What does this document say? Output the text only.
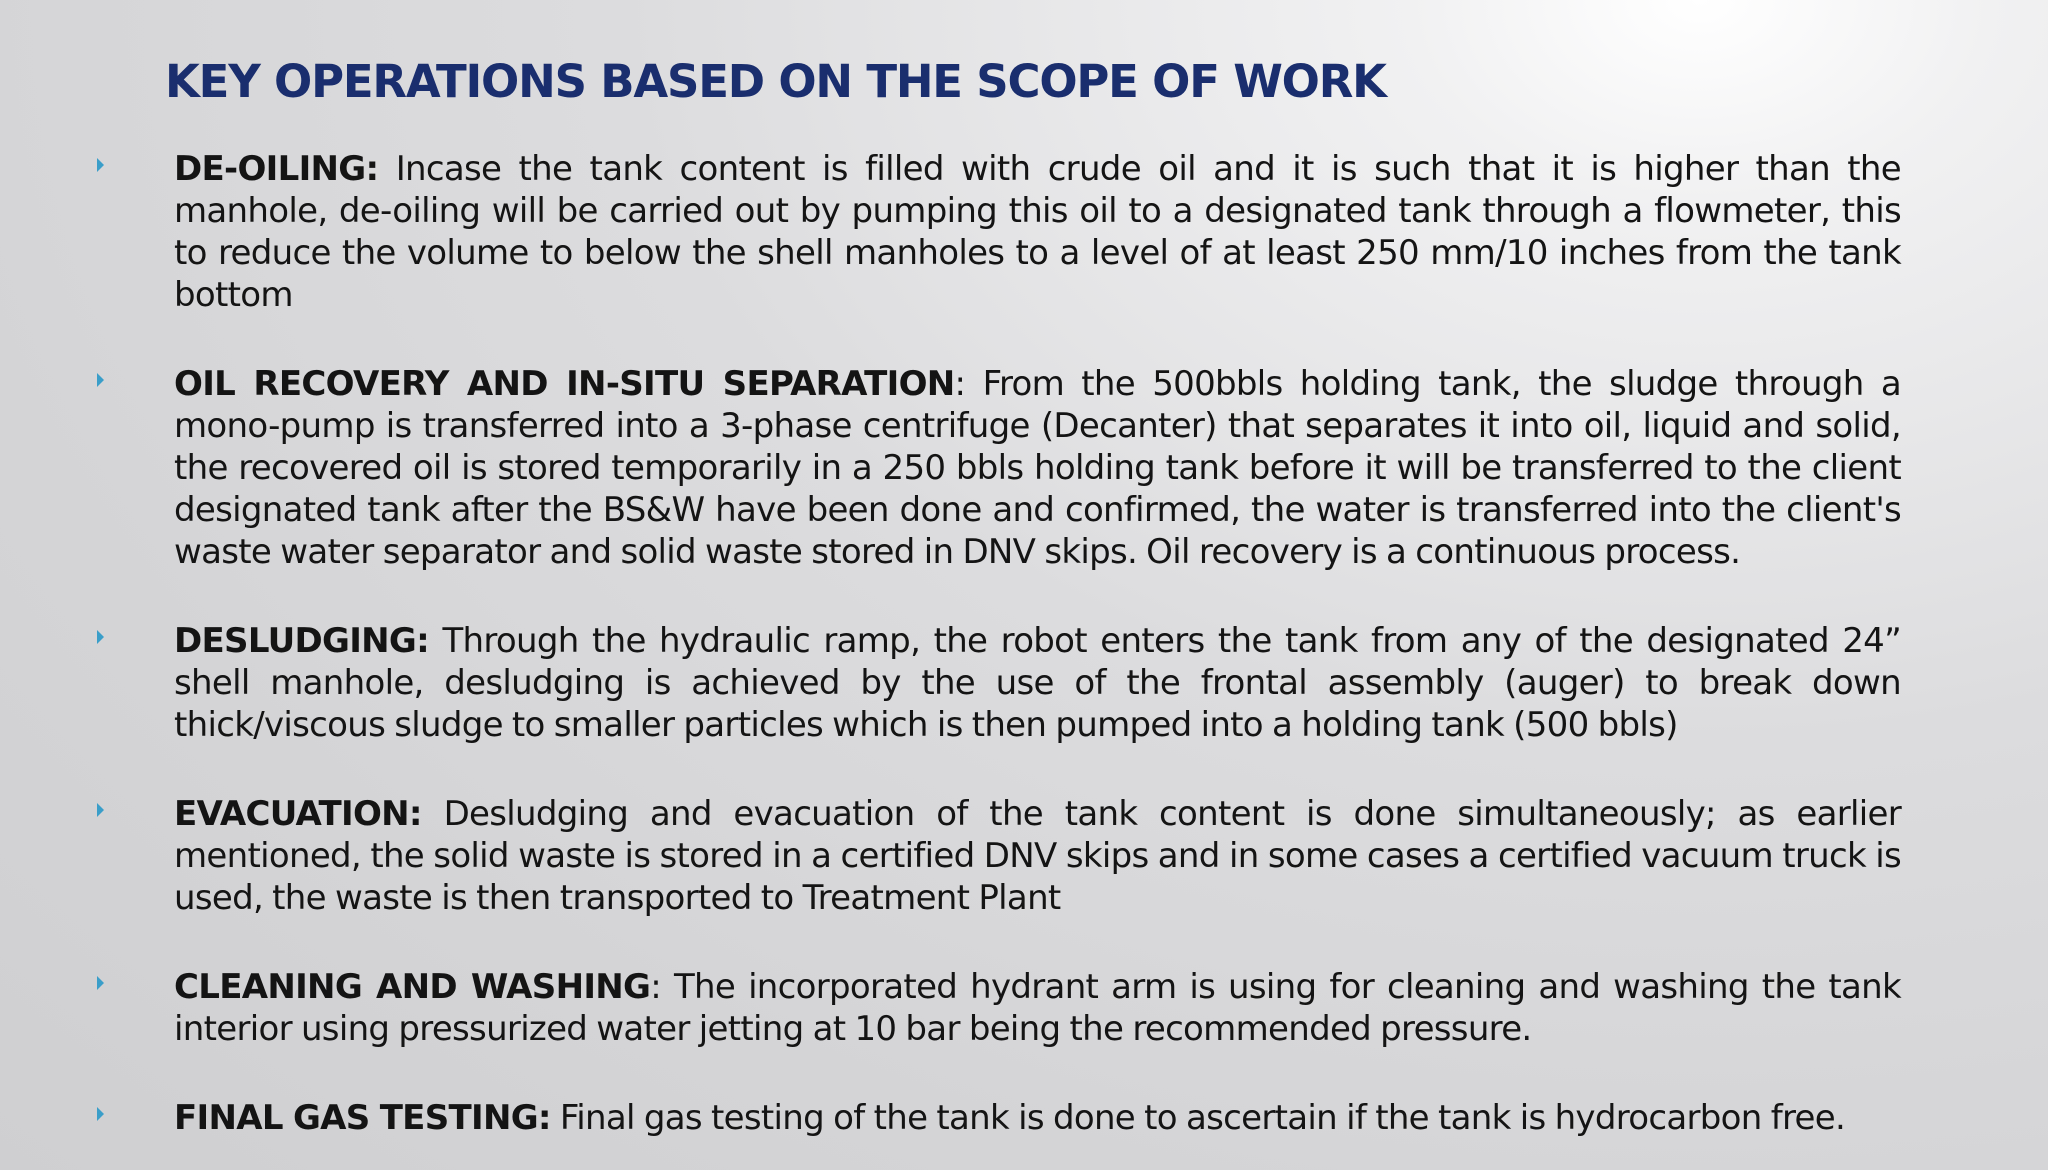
KEY OPERATIONS BASED ON THE SCOPE OF WORK
DE-OILING: Incase the tank content is filled with crude oil and it is such that it is higher than the manhole, de-oiling will be carried out by pumping this oil to a designated tank through a flowmeter, this to reduce the volume to below the shell manholes to a level of at least 250 mm/10 inches from the tank bottom
OIL RECOVERY AND IN-SITU SEPARATION: From the 500bbls holding tank, the sludge through a mono-pump is transferred into a 3-phase centrifuge (Decanter) that separates it into oil, liquid and solid, the recovered oil is stored temporarily in a 250 bbls holding tank before it will be transferred to the client designated tank after the BS&W have been done and confirmed, the water is transferred into the client's waste water separator and solid waste stored in DNV skips. Oil recovery is a continuous process.
DESLUDGING: Through the hydraulic ramp, the robot enters the tank from any of the designated 24” shell manhole, desludging is achieved by the use of the frontal assembly (auger) to break down thick/viscous sludge to smaller particles which is then pumped into a holding tank (500 bbls)
EVACUATION: Desludging and evacuation of the tank content is done simultaneously; as earlier mentioned, the solid waste is stored in a certified DNV skips and in some cases a certified vacuum truck is used, the waste is then transported to Treatment Plant
CLEANING AND WASHING: The incorporated hydrant arm is using for cleaning and washing the tank interior using pressurized water jetting at 10 bar being the recommended pressure.
FINAL GAS TESTING: Final gas testing of the tank is done to ascertain if the tank is hydrocarbon free.
